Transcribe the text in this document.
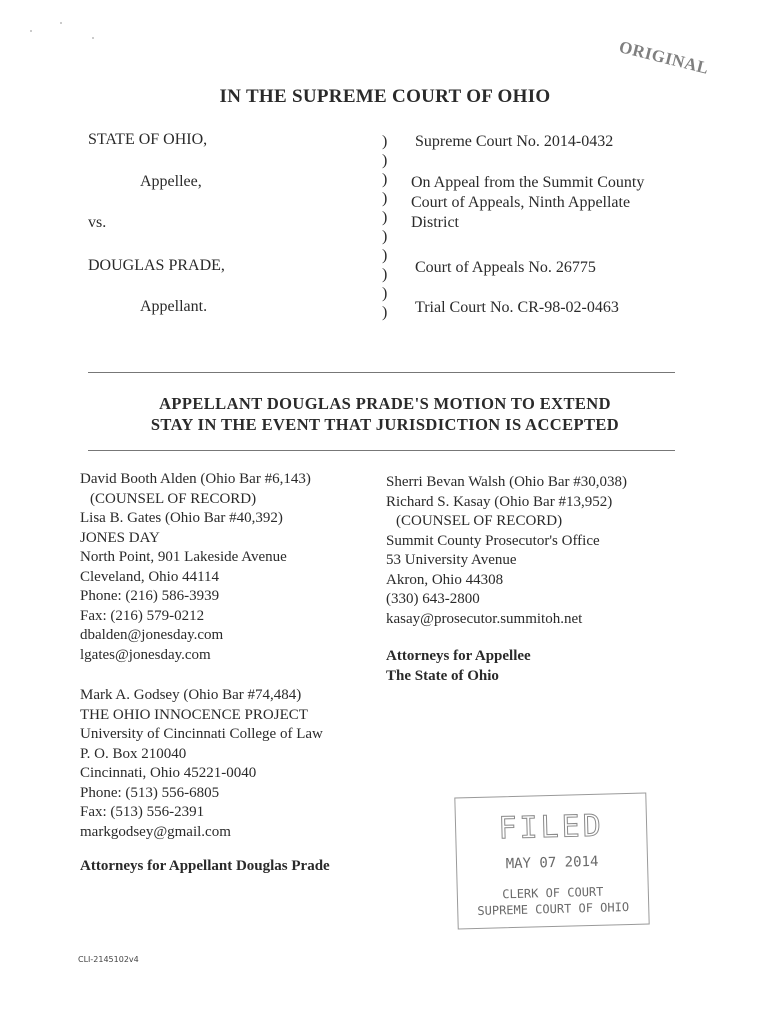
ORIGINAL
IN THE SUPREME COURT OF OHIO
STATE OF OHIO,
Appellee,
vs.
DOUGLAS PRADE,
Appellant.
)
)
)
)
)
)
)
)
)
)
Supreme Court No. 2014-0432
On Appeal from the Summit County
Court of Appeals, Ninth Appellate
District
Court of Appeals No. 26775
Trial Court No. CR-98-02-0463
APPELLANT DOUGLAS PRADE'S MOTION TO EXTEND
STAY IN THE EVENT THAT JURISDICTION IS ACCEPTED
David Booth Alden (Ohio Bar #6,143)
(COUNSEL OF RECORD)
Lisa B. Gates (Ohio Bar #40,392)
JONES DAY
North Point, 901 Lakeside Avenue
Cleveland, Ohio 44114
Phone: (216) 586-3939
Fax: (216) 579-0212
dbalden@jonesday.com
lgates@jonesday.com
Mark A. Godsey (Ohio Bar #74,484)
THE OHIO INNOCENCE PROJECT
University of Cincinnati College of Law
P. O. Box 210040
Cincinnati, Ohio 45221-0040
Phone: (513) 556-6805
Fax: (513) 556-2391
markgodsey@gmail.com
Attorneys for Appellant Douglas Prade
Sherri Bevan Walsh (Ohio Bar #30,038)
Richard S. Kasay (Ohio Bar #13,952)
(COUNSEL OF RECORD)
Summit County Prosecutor's Office
53 University Avenue
Akron, Ohio 44308
(330) 643-2800
kasay@prosecutor.summitoh.net
Attorneys for Appellee
The State of Ohio
FILED
MAY 07 2014
CLERK OF COURT
SUPREME COURT OF OHIO
CLI-2145102v4
